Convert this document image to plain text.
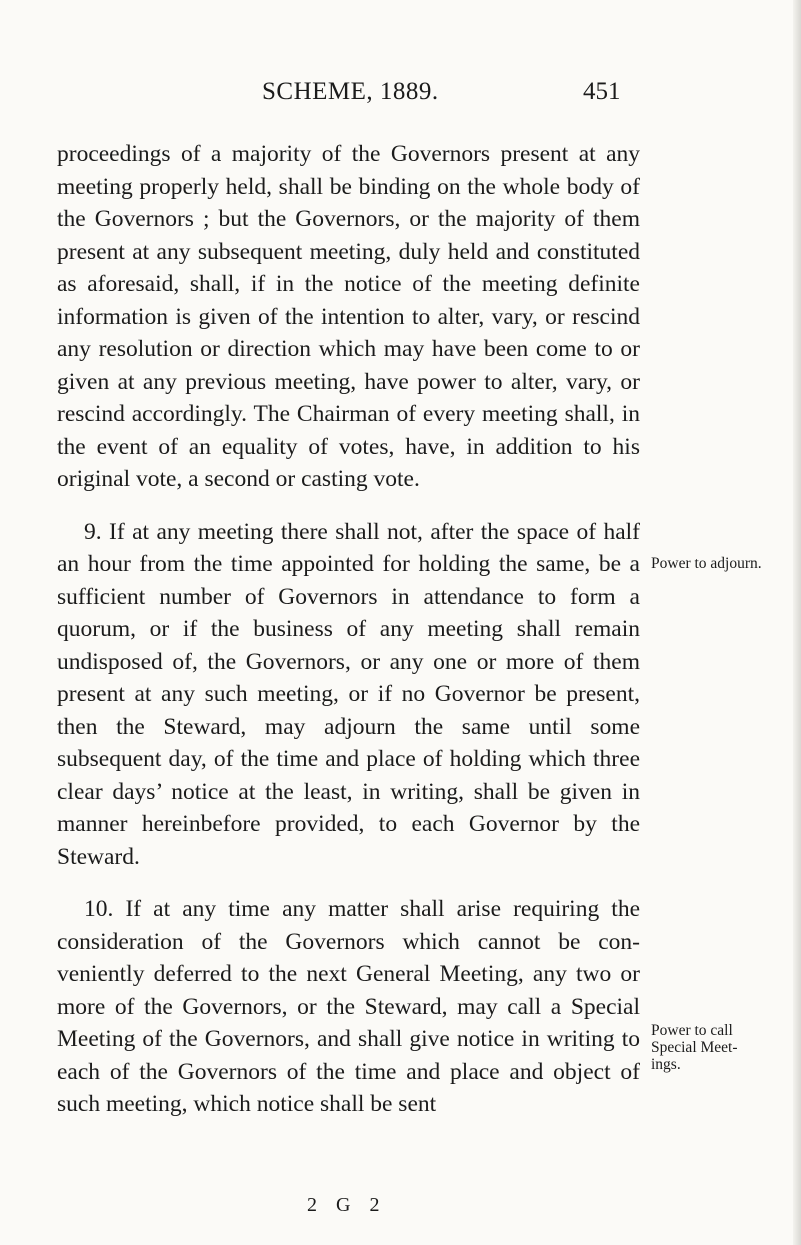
SCHEME, 1889.	451

proceedings of a majority of the Governors present at any meeting properly held, shall be binding on the whole body of the Governors ; but the Governors, or the majority of them present at any subsequent meeting, duly held and constituted as aforesaid, shall, if in the notice of the meeting definite information is given of the intention to alter, vary, or rescind any resolution or direction which may have been come to or given at any previous meeting, have power to alter, vary, or rescind accordingly. The Chairman of every meeting shall, in the event of an equality of votes, have, in addition to his original vote, a second or casting vote.

9. If at any meeting there shall not, after the space of half an hour from the time appointed for holding the same, be a sufficient number of Governors in attendance to form a quorum, or if the business of any meeting shall remain undisposed of, the Governors, or any one or more of them present at any such meeting, or if no Governor be present, then the Steward, may adjourn the same until some subsequent day, of the time and place of holding which three clear days’ notice at the least, in writing, shall be given in manner hereinbefore provided, to each Governor by the Steward.

10. If at any time any matter shall arise requiring the consideration of the Governors which cannot be con- veniently deferred to the next General Meeting, any two or more of the Governors, or the Steward, may call a Special Meeting of the Governors, and shall give notice in writing to each of the Governors of the time and place and object of such meeting, which notice shall be sent

Power to adjourn.
Power to call Special Meet- ings.
2 G 2
